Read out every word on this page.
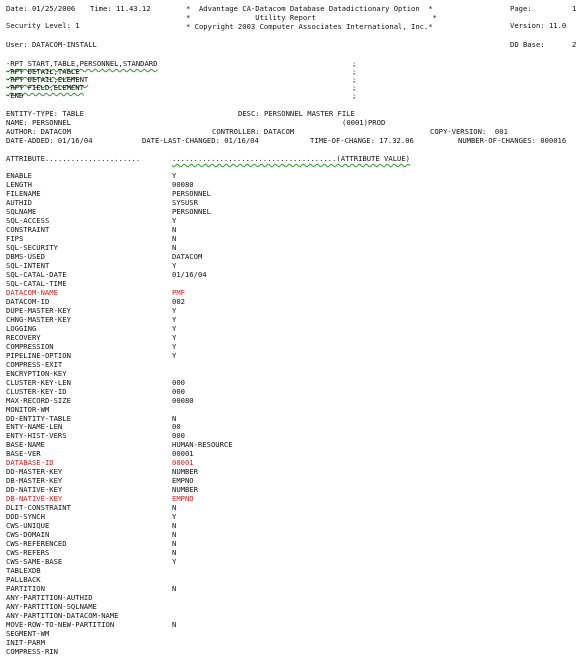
Date: 01/25/2006 Time: 11.43.12	*  Advantage CA-Datacom Database Datadictionary Option  *
*               Utility Report                           *
* Copyright 2003 Computer Associates International, Inc.*
Page:	1
Security Level: 1	Version: 11.0
User: DATACOM-INSTALL	DD Base:	2
-RPT START,TABLE,PERSONNEL,STANDARD	;
-RPT DETAIL,TABLE	;
-RPT DETAIL,ELEMENT	;
-RPT FIELD,ELEMENT	;
-END	;
ENTITY-TYPE: TABLE	DESC: PERSONNEL MASTER FILE
NAME: PERSONNEL	(0001)PROD
AUTHOR: DATACOM	CONTROLLER: DATACOM	COPY-VERSION:  001
DATE-ADDED: 01/16/04	DATE-LAST-CHANGED: 01/16/04	TIME-OF-CHANGE: 17.32.06	NUMBER-OF-CHANGES: 000016
ATTRIBUTE......................	......................................(ATTRIBUTE VALUE)
ENABLE	Y
LENGTH	00080
FILENAME	PERSONNEL
AUTHID	SYSUSR
SQLNAME	PERSONNEL
SQL-ACCESS	Y
CONSTRAINT	N
FIPS	N
SQL-SECURITY	N
DBMS-USED	DATACOM
SQL-INTENT	Y
SQL-CATAL-DATE	01/16/04
SQL-CATAL-TIME
DATACOM-NAME	PMF
DATACOM-ID	002
DUPE-MASTER-KEY	Y
CHNG-MASTER-KEY	Y
LOGGING	Y
RECOVERY	Y
COMPRESSION	Y
PIPELINE-OPTION	Y
COMPRESS-EXIT
ENCRYPTION-KEY
CLUSTER-KEY-LEN	000
CLUSTER-KEY-ID	000
MAX-RECORD-SIZE	00080
MONITOR-WM
DD-ENTITY-TABLE	N
ENTY-NAME-LEN	00
ENTY-HIST-VERS	000
BASE-NAME	HUMAN-RESOURCE
BASE-VER	00001
DATABASE-ID	00001
DD-MASTER-KEY	NUMBER
DB-MASTER-KEY	EMPNO
DD-NATIVE-KEY	NUMBER
DB-NATIVE-KEY	EMPNO
DLIT-CONSTRAINT	N
DDD-SYNCH	Y
CWS-UNIQUE	N
CWS-DOMAIN	N
CWS-REFERENCED	N
CWS-REFERS	N
CWS-SAME-BASE	Y
TABLEXDB
PALLBACK
PARTITION	N
ANY-PARTITION-AUTHID
ANY-PARTITION-SQLNAME
ANY-PARTITION-DATACOM-NAME
MOVE-ROW-TO-NEW-PARTITION	N
SEGMENT-WM
INIT-PARM
COMPRESS-RIN
